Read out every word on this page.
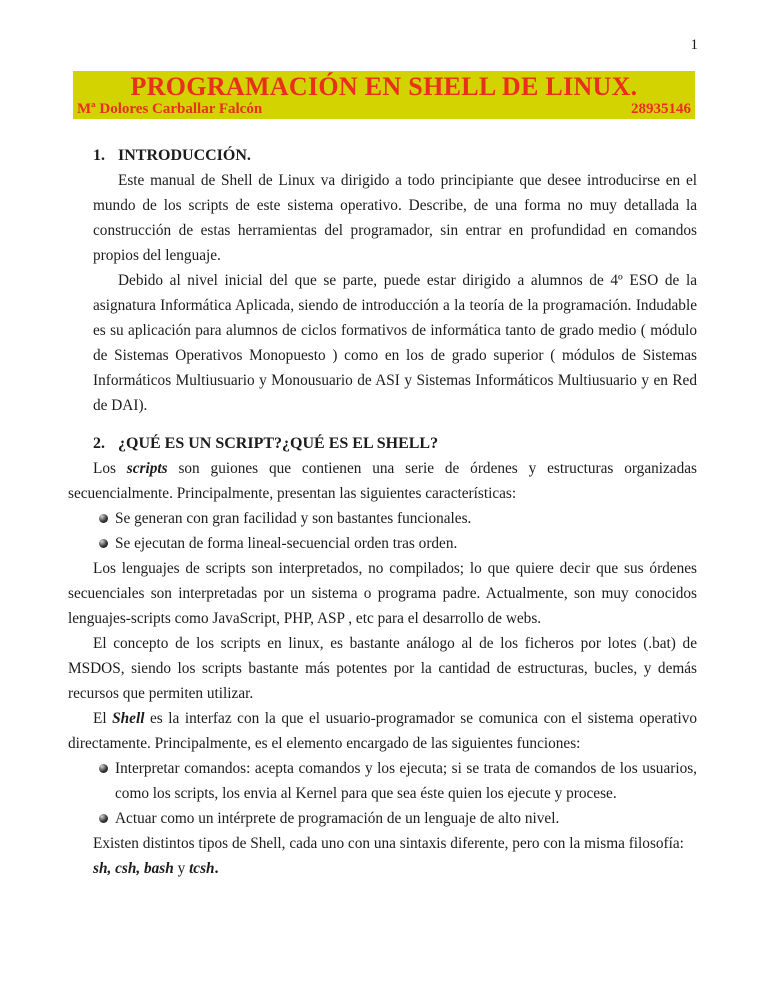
1
PROGRAMACIÓN EN SHELL DE LINUX.
Mª Dolores Carballar Falcón	28935146
1. INTRODUCCIÓN.

Este manual de Shell de Linux va dirigido a todo principiante que desee introducirse en el mundo de los scripts de este sistema operativo. Describe, de una forma no muy detallada la construcción de estas herramientas del programador, sin entrar en profundidad en comandos propios del lenguaje.

Debido al nivel inicial del que se parte, puede estar dirigido a alumnos de 4º ESO de la asignatura Informática Aplicada, siendo de introducción a la teoría de la programación. Indudable es su aplicación para alumnos de ciclos formativos de informática tanto de grado medio ( módulo de Sistemas Operativos Monopuesto ) como en los de grado superior ( módulos de Sistemas Informáticos Multiusuario y Monousuario de ASI y Sistemas Informáticos Multiusuario y en Red de DAI).

2. ¿QUÉ ES UN SCRIPT?¿QUÉ ES EL SHELL?

Los scripts son guiones que contienen una serie de órdenes y estructuras organizadas secuencialmente. Principalmente, presentan las siguientes características:

Se generan con gran facilidad y son bastantes funcionales.
Se ejecutan de forma lineal-secuencial orden tras orden.

Los lenguajes de scripts son interpretados, no compilados; lo que quiere decir que sus órdenes secuenciales son interpretadas por un sistema o programa padre. Actualmente, son muy conocidos lenguajes-scripts como JavaScript, PHP, ASP , etc para el desarrollo de webs.

El concepto de los scripts en linux, es bastante análogo al de los ficheros por lotes (.bat) de MSDOS, siendo los scripts bastante más potentes por la cantidad de estructuras, bucles, y demás recursos que permiten utilizar.

El Shell es la interfaz con la que el usuario-programador se comunica con el sistema operativo directamente. Principalmente, es el elemento encargado de las siguientes funciones:

Interpretar comandos: acepta comandos y los ejecuta; si se trata de comandos de los usuarios, como los scripts, los envia al Kernel para que sea éste quien los ejecute y procese.
Actuar como un intérprete de programación de un lenguaje de alto nivel.

Existen distintos tipos de Shell, cada uno con una sintaxis diferente, pero con la misma filosofía:

sh, csh, bash y tcsh.
